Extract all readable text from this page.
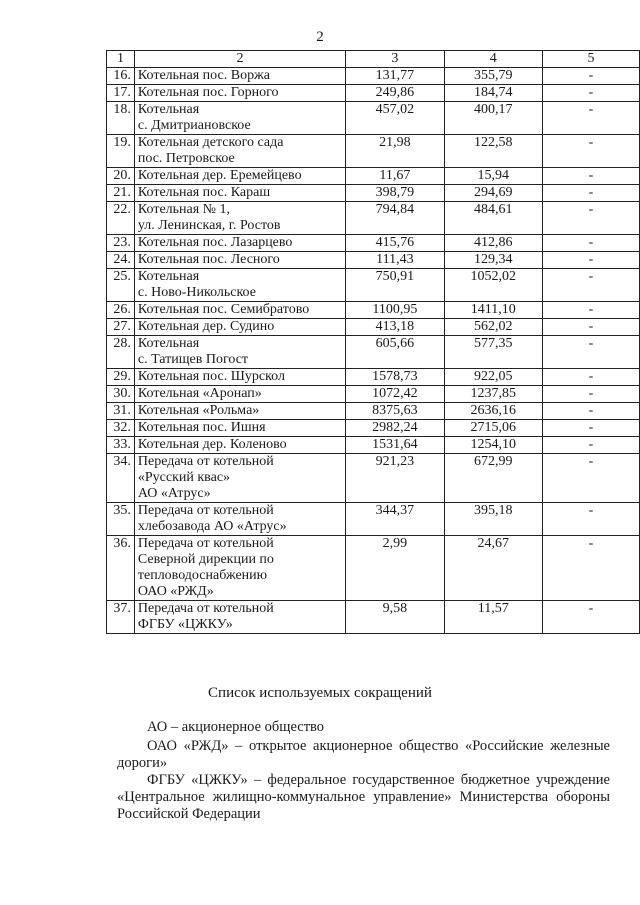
2
1	2	3	4	5
16.	Котельная пос. Воржа	131,77	355,79	-
17.	Котельная пос. Горного	249,86	184,74	-
18.	Котельная
с. Дмитриановское	457,02	400,17	-
19.	Котельная детского сада
пос. Петровское	21,98	122,58	-
20.	Котельная дер. Еремейцево	11,67	15,94	-
21.	Котельная пос. Караш	398,79	294,69	-
22.	Котельная № 1,
ул. Ленинская, г. Ростов	794,84	484,61	-
23.	Котельная пос. Лазарцево	415,76	412,86	-
24.	Котельная пос. Лесного	111,43	129,34	-
25.	Котельная
с. Ново-Никольское	750,91	1052,02	-
26.	Котельная пос. Семибратово	1100,95	1411,10	-
27.	Котельная дер. Судино	413,18	562,02	-
28.	Котельная
с. Татищев Погост	605,66	577,35	-
29.	Котельная пос. Шурскол	1578,73	922,05	-
30.	Котельная «Аронап»	1072,42	1237,85	-
31.	Котельная «Рольма»	8375,63	2636,16	-
32.	Котельная пос. Ишня	2982,24	2715,06	-
33.	Котельная дер. Коленово	1531,64	1254,10	-
34.	Передача от котельной
«Русский квас»
АО «Атрус»	921,23	672,99	-
35.	Передача от котельной
хлебозавода АО «Атрус»	344,37	395,18	-
36.	Передача от котельной
Северной дирекции по
тепловодоснабжению
ОАО «РЖД»	2,99	24,67	-
37.	Передача от котельной
ФГБУ «ЦЖКУ»	9,58	11,57	-
Список используемых сокращений

АО – акционерное общество

ОАО «РЖД» – открытое акционерное общество «Российские железные дороги»

ФГБУ «ЦЖКУ» – федеральное государственное бюджетное учреждение «Центральное жилищно-коммунальное управление» Министерства обороны Российской Федерации
